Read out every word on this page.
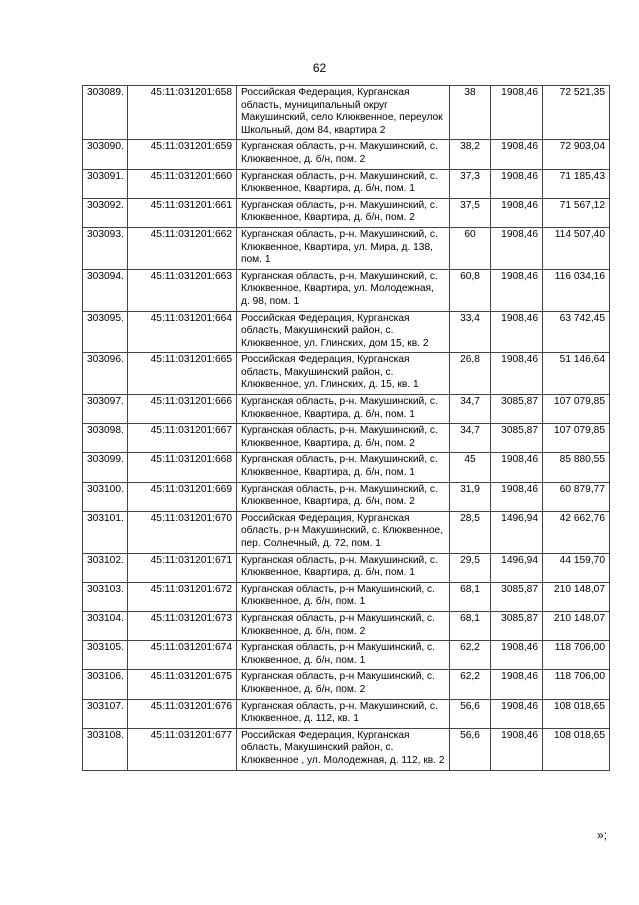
62
303089.	45:11:031201:658	Российская Федерация, Курганская область, муниципальный округ Макушинский, село Клюквенное, переулок Школьный, дом 84, квартира 2	38	1908,46	72 521,35
303090.	45:11:031201:659	Курганская область, р-н. Макушинский, с. Клюквенное, д. б/н, пом. 2	38,2	1908,46	72 903,04
303091.	45:11:031201:660	Курганская область, р-н. Макушинский, с. Клюквенное, Квартира, д. б/н, пом. 1	37,3	1908,46	71 185,43
303092.	45:11:031201:661	Курганская область, р-н. Макушинский, с. Клюквенное, Квартира, д. б/н, пом. 2	37,5	1908,46	71 567,12
303093.	45:11:031201:662	Курганская область, р-н. Макушинский, с. Клюквенное, Квартира, ул. Мира, д. 138, пом. 1	60	1908,46	114 507,40
303094.	45:11:031201:663	Курганская область, р-н. Макушинский, с. Клюквенное, Квартира, ул. Молодежная, д. 98, пом. 1	60,8	1908,46	116 034,16
303095.	45:11:031201:664	Российская Федерация, Курганская область, Макушинский район, с. Клюквенное, ул. Глинских, дом 15, кв. 2	33,4	1908,46	63 742,45
303096.	45:11:031201:665	Российская Федерация, Курганская область, Макушинский район, с. Клюквенное, ул. Глинских, д. 15, кв. 1	26,8	1908,46	51 146,64
303097.	45:11:031201:666	Курганская область, р-н. Макушинский, с. Клюквенное, Квартира, д. б/н, пом. 1	34,7	3085,87	107 079,85
303098.	45:11:031201:667	Курганская область, р-н. Макушинский, с. Клюквенное, Квартира, д. б/н, пом. 2	34,7	3085,87	107 079,85
303099.	45:11:031201:668	Курганская область, р-н. Макушинский, с. Клюквенное, Квартира, д. б/н, пом. 1	45	1908,46	85 880,55
303100.	45:11:031201:669	Курганская область, р-н. Макушинский, с. Клюквенное, Квартира, д. б/н, пом. 2	31,9	1908,46	60 879,77
303101.	45:11:031201:670	Российская Федерация, Курганская область, р-н Макушинский, с. Клюквенное, пер. Солнечный, д. 72, пом. 1	28,5	1496,94	42 662,76
303102.	45:11:031201:671	Курганская область, р-н. Макушинский, с. Клюквенное, Квартира, д. б/н, пом. 1	29,5	1496,94	44 159,70
303103.	45:11:031201:672	Курганская область, р-н Макушинский, с. Клюквенное, д. б/н, пом. 1	68,1	3085,87	210 148,07
303104.	45:11:031201:673	Курганская область, р-н Макушинский, с. Клюквенное, д. б/н, пом. 2	68,1	3085,87	210 148,07
303105.	45:11:031201:674	Курганская область, р-н Макушинский, с. Клюквенное, д. б/н, пом. 1	62,2	1908,46	118 706,00
303106.	45:11:031201:675	Курганская область, р-н Макушинский, с. Клюквенное, д. б/н, пом. 2	62,2	1908,46	118 706,00
303107.	45:11:031201:676	Курганская область, р-н. Макушинский, с. Клюквенное, д. 112, кв. 1	56,6	1908,46	108 018,65
303108.	45:11:031201:677	Российская Федерация, Курганская область, Макушинский район, с. Клюквенное , ул. Молодежная, д. 112, кв. 2	56,6	1908,46	108 018,65
»;
